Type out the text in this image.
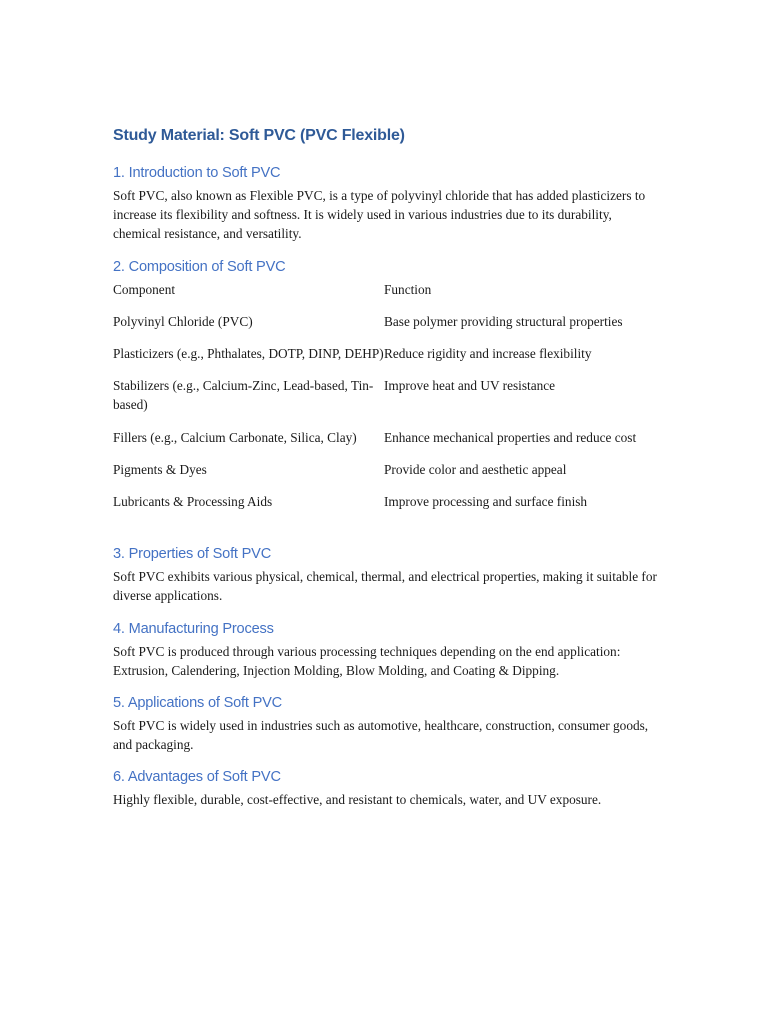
Study Material: Soft PVC (PVC Flexible)
1. Introduction to Soft PVC

Soft PVC, also known as Flexible PVC, is a type of polyvinyl chloride that has added plasticizers to increase its flexibility and softness. It is widely used in various industries due to its durability, chemical resistance, and versatility.

2. Composition of Soft PVC
Component	Function
Polyvinyl Chloride (PVC)	Base polymer providing structural properties
Plasticizers (e.g., Phthalates, DOTP, DINP, DEHP)	Reduce rigidity and increase flexibility
Stabilizers (e.g., Calcium-Zinc, Lead-based, Tin-based)	Improve heat and UV resistance
Fillers (e.g., Calcium Carbonate, Silica, Clay)	Enhance mechanical properties and reduce cost
Pigments & Dyes	Provide color and aesthetic appeal
Lubricants & Processing Aids	Improve processing and surface finish
3. Properties of Soft PVC

Soft PVC exhibits various physical, chemical, thermal, and electrical properties, making it suitable for diverse applications.

4. Manufacturing Process

Soft PVC is produced through various processing techniques depending on the end application: Extrusion, Calendering, Injection Molding, Blow Molding, and Coating & Dipping.

5. Applications of Soft PVC

Soft PVC is widely used in industries such as automotive, healthcare, construction, consumer goods, and packaging.

6. Advantages of Soft PVC

Highly flexible, durable, cost-effective, and resistant to chemicals, water, and UV exposure.
